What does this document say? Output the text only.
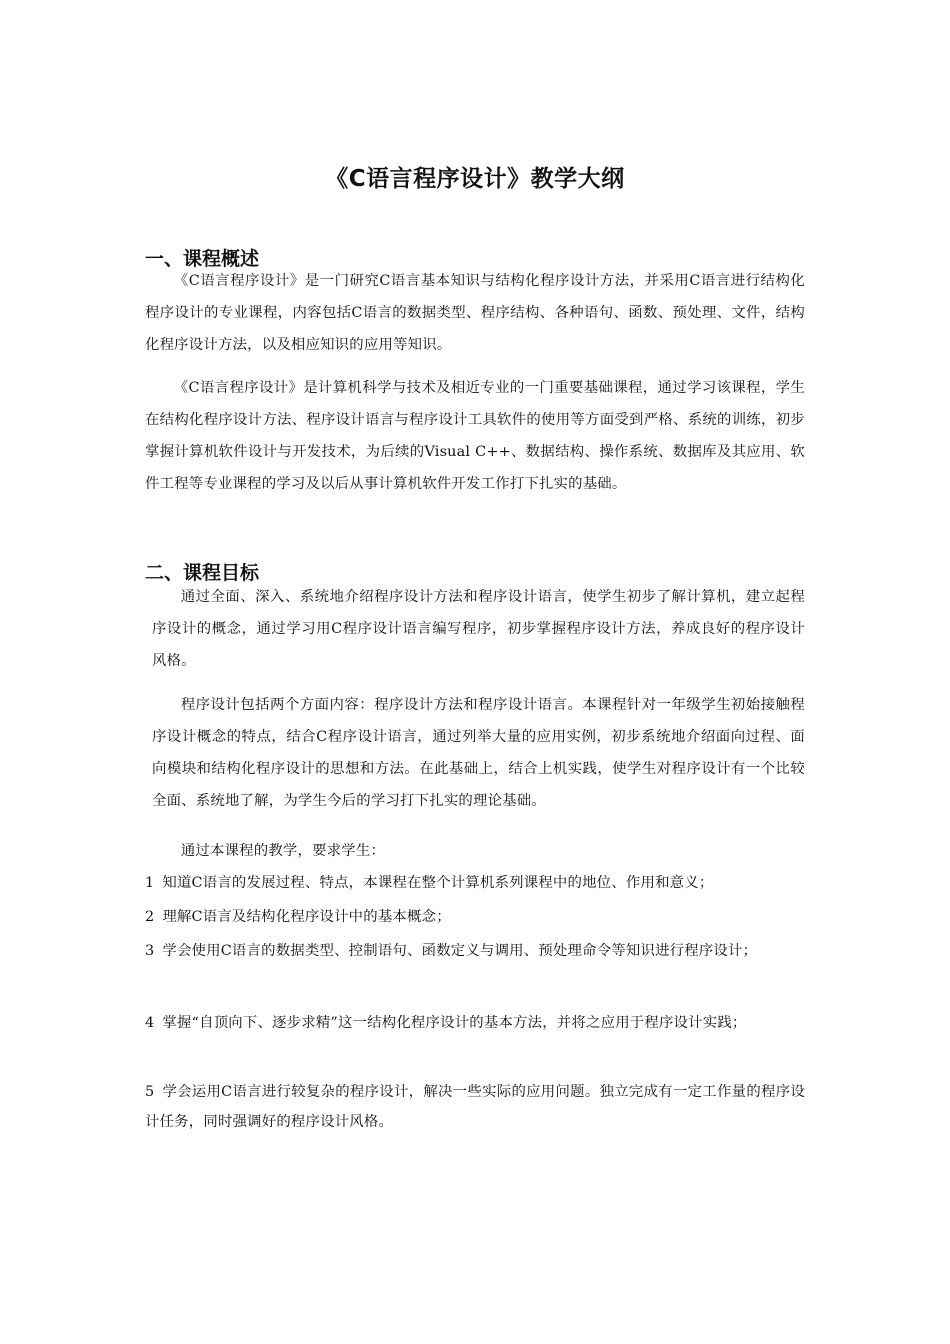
《C语言程序设计》教学大纲
一、课程概述
《C语言程序设计》是一门研究C语言基本知识与结构化程序设计方法，并采用C语言进行结构化程序设计的专业课程，内容包括C语言的数据类型、程序结构、各种语句、函数、预处理、文件，结构化程序设计方法，以及相应知识的应用等知识。
《C语言程序设计》是计算机科学与技术及相近专业的一门重要基础课程，通过学习该课程，学生在结构化程序设计方法、程序设计语言与程序设计工具软件的使用等方面受到严格、系统的训练，初步掌握计算机软件设计与开发技术，为后续的Visual C++、数据结构、操作系统、数据库及其应用、软件工程等专业课程的学习及以后从事计算机软件开发工作打下扎实的基础。
二、课程目标
通过全面、深入、系统地介绍程序设计方法和程序设计语言，使学生初步了解计算机，建立起程序设计的概念，通过学习用C程序设计语言编写程序，初步掌握程序设计方法，养成良好的程序设计风格。
程序设计包括两个方面内容：程序设计方法和程序设计语言。本课程针对一年级学生初始接触程序设计概念的特点，结合C程序设计语言，通过列举大量的应用实例，初步系统地介绍面向过程、面向模块和结构化程序设计的思想和方法。在此基础上，结合上机实践，使学生对程序设计有一个比较全面、系统地了解，为学生今后的学习打下扎实的理论基础。
通过本课程的教学，要求学生：
1 知道C语言的发展过程、特点，本课程在整个计算机系列课程中的地位、作用和意义；
2 理解C语言及结构化程序设计中的基本概念；
3 学会使用C语言的数据类型、控制语句、函数定义与调用、预处理命令等知识进行程序设计；
4 掌握“自顶向下、逐步求精”这一结构化程序设计的基本方法，并将之应用于程序设计实践；
5 学会运用C语言进行较复杂的程序设计，解决一些实际的应用问题。独立完成有一定工作量的程序设计任务，同时强调好的程序设计风格。
